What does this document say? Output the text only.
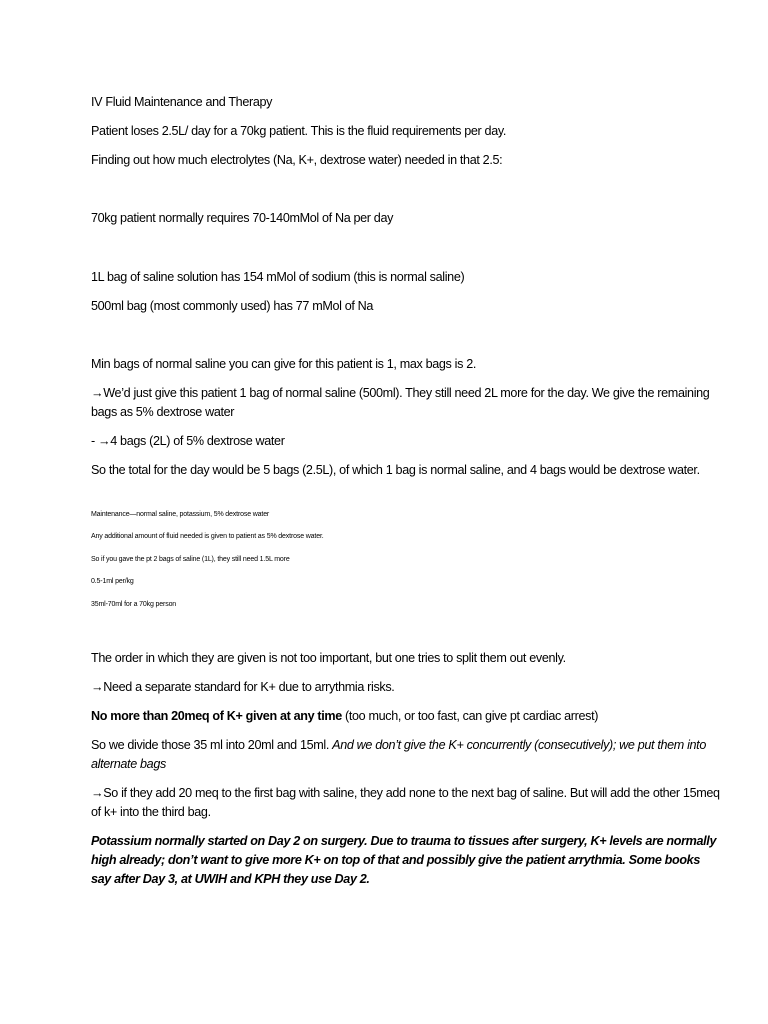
IV Fluid Maintenance and Therapy
Patient loses 2.5L/ day for a 70kg patient. This is the fluid requirements per day.
Finding out how much electrolytes (Na, K+, dextrose water) needed in that 2.5:
70kg patient normally requires 70-140mMol of Na per day
1L bag of saline solution has 154 mMol of sodium (this is normal saline)
500ml bag (most commonly used) has 77 mMol of Na
Min bags of normal saline you can give for this patient is 1, max bags is 2.
→We’d just give this patient 1 bag of normal saline (500ml). They still need 2L more for the day. We give the remaining bags as 5% dextrose water
- →4 bags (2L) of 5% dextrose water
So the total for the day would be 5 bags (2.5L), of which 1 bag is normal saline, and 4 bags would be dextrose water.
Maintenance—normal saline, potassium, 5% dextrose water
Any additional amount of fluid needed is given to patient as 5% dextrose water.
So if you gave the pt 2 bags of saline (1L), they still need 1.5L more
0.5-1ml per/kg
35ml-70ml for a 70kg person
The order in which they are given is not too important, but one tries to split them out evenly.
→Need a separate standard for K+ due to arrythmia risks.
No more than 20meq of K+ given at any time (too much, or too fast, can give pt cardiac arrest)
So we divide those 35 ml into 20ml and 15ml. And we don’t give the K+ concurrently (consecutively); we put them into alternate bags
→So if they add 20 meq to the first bag with saline, they add none to the next bag of saline. But will add the other 15meq of k+ into the third bag.
Potassium normally started on Day 2 on surgery. Due to trauma to tissues after surgery, K+ levels are normally high already; don’t want to give more K+ on top of that and possibly give the patient arrythmia. Some books say after Day 3, at UWIH and KPH they use Day 2.
